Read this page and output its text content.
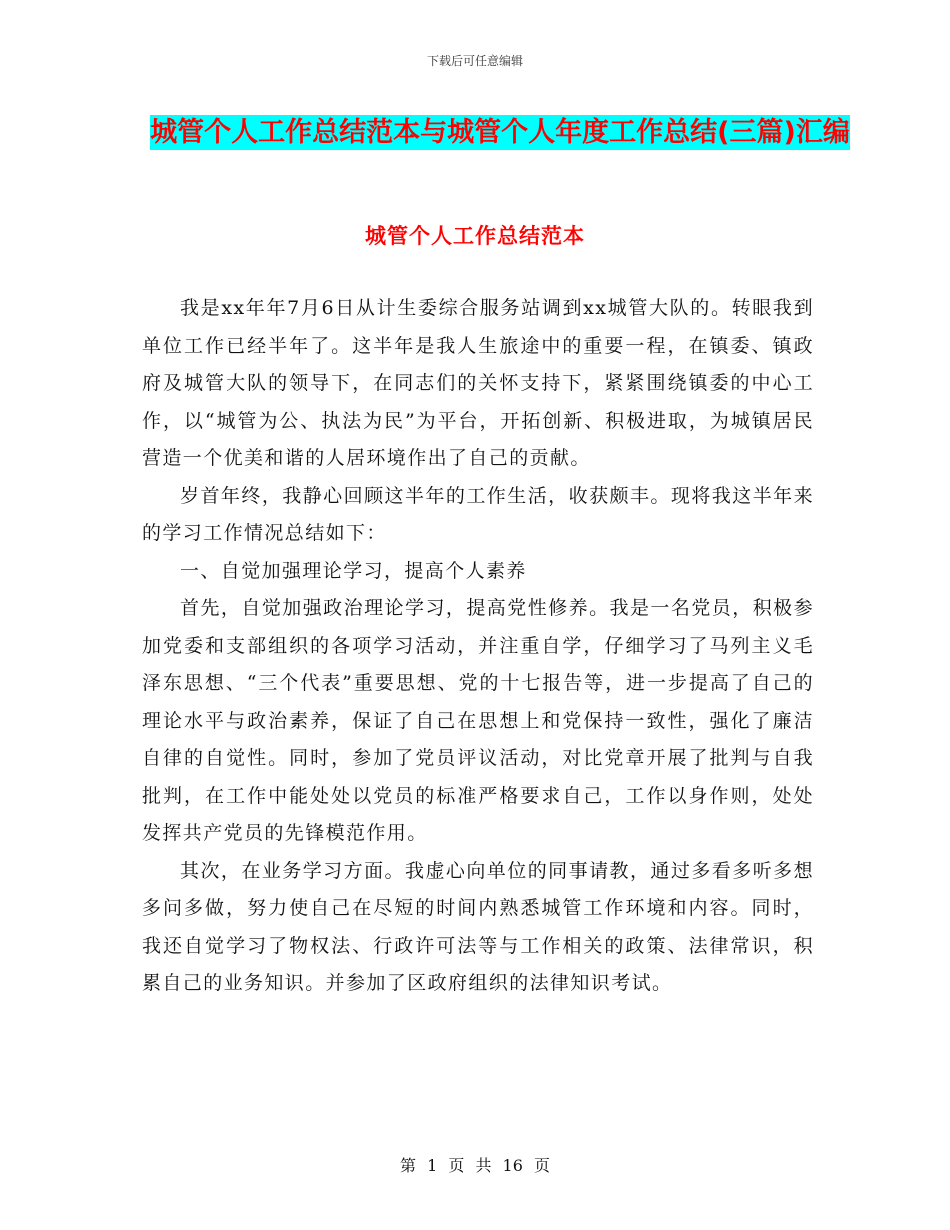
下载后可任意编辑
城管个人工作总结范本与城管个人年度工作总结(三篇)汇编
城管个人工作总结范本

我是xx年年7月6日从计生委综合服务站调到xx城管大队的。转眼我到单位工作已经半年了。这半年是我人生旅途中的重要一程，在镇委、镇政府及城管大队的领导下，在同志们的关怀支持下，紧紧围绕镇委的中心工作，以“城管为公、执法为民”为平台，开拓创新、积极进取，为城镇居民营造一个优美和谐的人居环境作出了自己的贡献。

岁首年终，我静心回顾这半年的工作生活，收获颇丰。现将我这半年来的学习工作情况总结如下：

一、自觉加强理论学习，提高个人素养

首先，自觉加强政治理论学习，提高党性修养。我是一名党员，积极参加党委和支部组织的各项学习活动，并注重自学，仔细学习了马列主义毛泽东思想、“三个代表”重要思想、党的十七报告等，进一步提高了自己的理论水平与政治素养，保证了自己在思想上和党保持一致性，强化了廉洁自律的自觉性。同时，参加了党员评议活动，对比党章开展了批判与自我批判，在工作中能处处以党员的标准严格要求自己，工作以身作则，处处发挥共产党员的先锋模范作用。

其次，在业务学习方面。我虚心向单位的同事请教，通过多看多听多想多问多做，努力使自己在尽短的时间内熟悉城管工作环境和内容。同时，我还自觉学习了物权法、行政许可法等与工作相关的政策、法律常识，积累自己的业务知识。并参加了区政府组织的法律知识考试。

第 1 页 共 16 页
